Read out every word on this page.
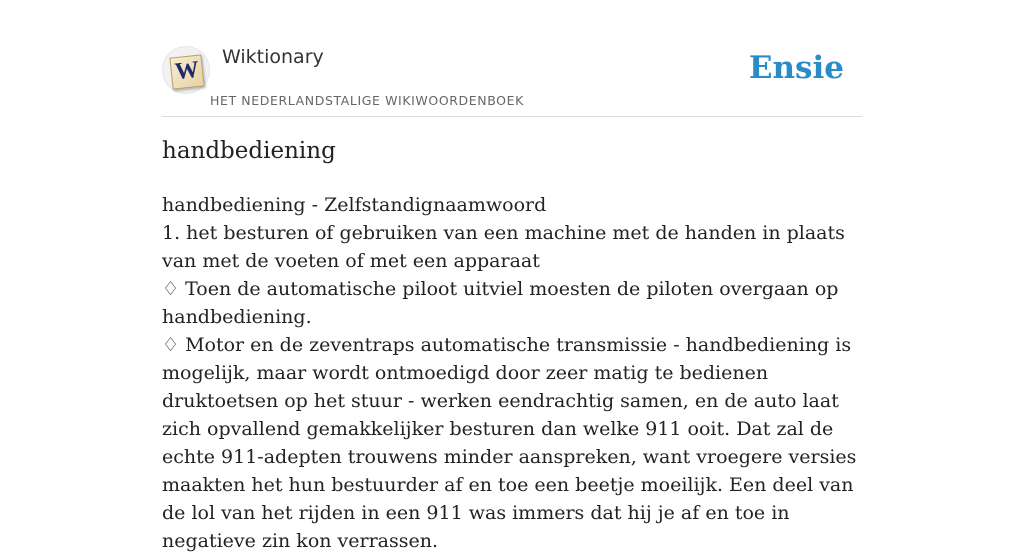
W Wiktionary
HET NEDERLANDSTALIGE WIKIWOORDENBOEK
Ensie
handbediening

handbediening - Zelfstandignaamwoord

1. het besturen of gebruiken van een machine met de handen in plaats van met de voeten of met een apparaat

♢ Toen de automatische piloot uitviel moesten de piloten overgaan op handbediening.

♢ Motor en de zeventraps automatische transmissie - handbediening is mogelijk, maar wordt ontmoedigd door zeer matig te bedienen druktoetsen op het stuur - werken eendrachtig samen, en de auto laat zich opvallend gemakkelijker besturen dan welke 911 ooit. Dat zal de echte 911-adepten trouwens minder aanspreken, want vroegere versies maakten het hun bestuurder af en toe een beetje moeilijk. Een deel van de lol van het rijden in een 911 was immers dat hij je af en toe in negatieve zin kon verrassen.
